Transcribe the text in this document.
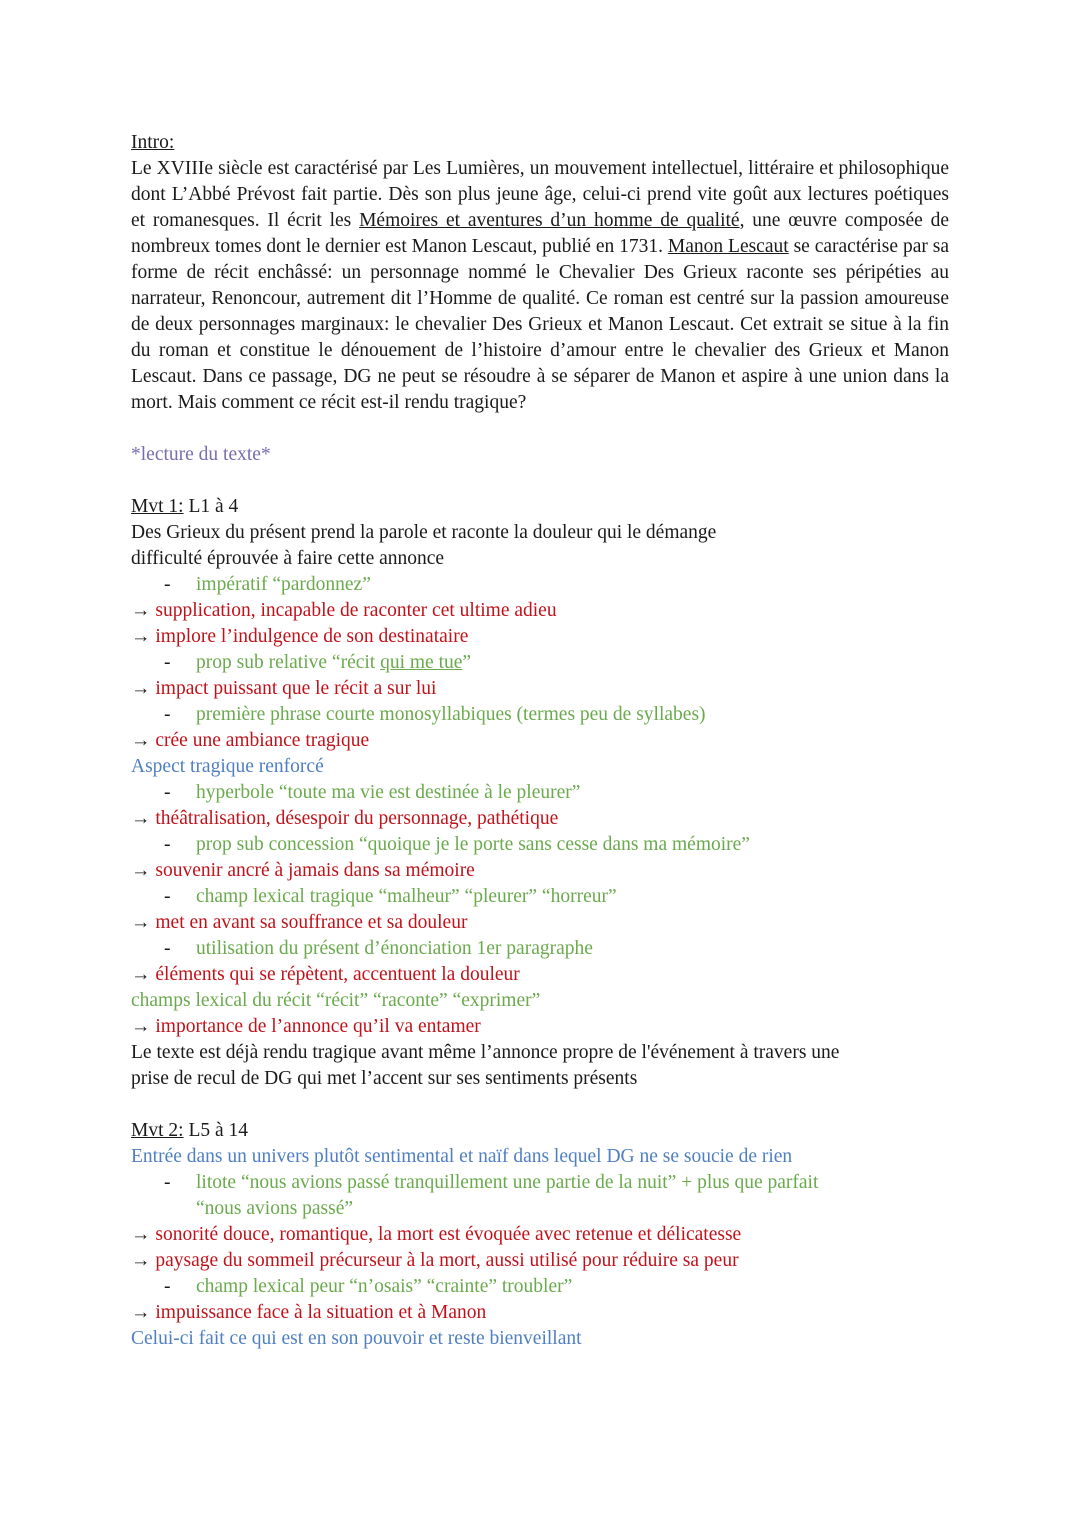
Intro:

Le XVIIIe siècle est caractérisé par Les Lumières, un mouvement intellectuel, littéraire et philosophique dont L’Abbé Prévost fait partie. Dès son plus jeune âge, celui-ci prend vite goût aux lectures poétiques et romanesques. Il écrit les Mémoires et aventures d’un homme de qualité, une œuvre composée de nombreux tomes dont le dernier est Manon Lescaut, publié en 1731. Manon Lescaut se caractérise par sa forme de récit enchâssé: un personnage nommé le Chevalier Des Grieux raconte ses péripéties au narrateur, Renoncour, autrement dit l’Homme de qualité. Ce roman est centré sur la passion amoureuse de deux personnages marginaux: le chevalier Des Grieux et Manon Lescaut. Cet extrait se situe à la fin du roman et constitue le dénouement de l’histoire d’amour entre le chevalier des Grieux et Manon Lescaut. Dans ce passage, DG ne peut se résoudre à se séparer de Manon et aspire à une union dans la mort. Mais comment ce récit est-il rendu tragique?

*lecture du texte*

Mvt 1: L1 à 4

Des Grieux du présent prend la parole et raconte la douleur qui le démange

difficulté éprouvée à faire cette annonce

- impératif “pardonnez”

→ supplication, incapable de raconter cet ultime adieu

→ implore l’indulgence de son destinataire

- prop sub relative “récit qui me tue”

→ impact puissant que le récit a sur lui

- première phrase courte monosyllabiques (termes peu de syllabes)

→ crée une ambiance tragique

Aspect tragique renforcé

- hyperbole “toute ma vie est destinée à le pleurer”

→ théâtralisation, désespoir du personnage, pathétique

- prop sub concession “quoique je le porte sans cesse dans ma mémoire”

→ souvenir ancré à jamais dans sa mémoire

- champ lexical tragique “malheur” “pleurer” “horreur”

→ met en avant sa souffrance et sa douleur

- utilisation du présent d’énonciation 1er paragraphe

→ éléments qui se répètent, accentuent la douleur

champs lexical du récit “récit” “raconte” “exprimer”

→ importance de l’annonce qu’il va entamer

Le texte est déjà rendu tragique avant même l’annonce propre de l'événement à travers une

prise de recul de DG qui met l’accent sur ses sentiments présents

Mvt 2: L5 à 14

Entrée dans un univers plutôt sentimental et naïf dans lequel DG ne se soucie de rien

- litote “nous avions passé tranquillement une partie de la nuit” + plus que parfait

“nous avions passé”

→ sonorité douce, romantique, la mort est évoquée avec retenue et délicatesse

→ paysage du sommeil précurseur à la mort, aussi utilisé pour réduire sa peur

- champ lexical peur “n’osais” “crainte” troubler”

→ impuissance face à la situation et à Manon

Celui-ci fait ce qui est en son pouvoir et reste bienveillant
